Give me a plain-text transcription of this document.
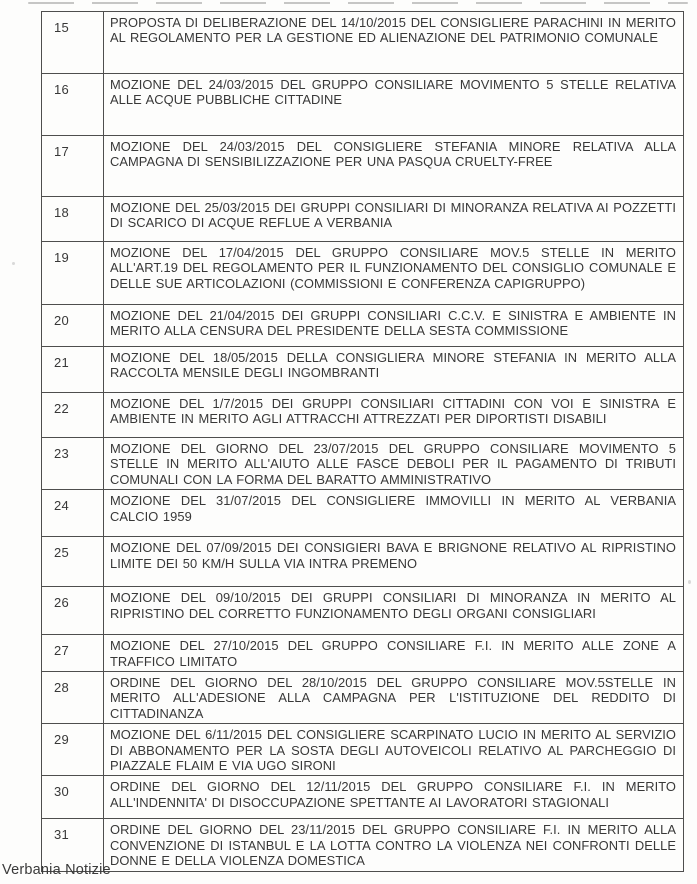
15	PROPOSTA DI DELIBERAZIONE DEL 14/10/2015 DEL CONSIGLIERE PARACHINI IN MERITO AL REGOLAMENTO PER LA GESTIONE ED ALIENAZIONE DEL PATRIMONIO COMUNALE
16	MOZIONE DEL 24/03/2015 DEL GRUPPO CONSILIARE MOVIMENTO 5 STELLE RELATIVA ALLE ACQUE PUBBLICHE CITTADINE
17	MOZIONE DEL 24/03/2015 DEL CONSIGLIERE STEFANIA MINORE RELATIVA ALLA CAMPAGNA DI SENSIBILIZZAZIONE PER UNA PASQUA CRUELTY-FREE
18	MOZIONE DEL 25/03/2015 DEI GRUPPI CONSILIARI DI MINORANZA RELATIVA AI POZZETTI DI SCARICO DI ACQUE REFLUE A VERBANIA
19	MOZIONE DEL 17/04/2015 DEL GRUPPO CONSILIARE MOV.5 STELLE IN MERITO ALL'ART.19 DEL REGOLAMENTO PER IL FUNZIONAMENTO DEL CONSIGLIO COMUNALE E DELLE SUE ARTICOLAZIONI (COMMISSIONI E CONFERENZA CAPIGRUPPO)
20	MOZIONE DEL 21/04/2015 DEI GRUPPI CONSILIARI C.C.V. E SINISTRA E AMBIENTE IN MERITO ALLA CENSURA DEL PRESIDENTE DELLA SESTA COMMISSIONE
21	MOZIONE DEL 18/05/2015 DELLA CONSIGLIERA MINORE STEFANIA IN MERITO ALLA RACCOLTA MENSILE DEGLI INGOMBRANTI
22	MOZIONE DEL 1/7/2015 DEI GRUPPI CONSILIARI CITTADINI CON VOI E SINISTRA E AMBIENTE IN MERITO AGLI ATTRACCHI ATTREZZATI PER DIPORTISTI DISABILI
23	MOZIONE DEL GIORNO DEL 23/07/2015 DEL GRUPPO CONSILIARE MOVIMENTO 5 STELLE IN MERITO ALL'AIUTO ALLE FASCE DEBOLI PER IL PAGAMENTO DI TRIBUTI COMUNALI CON LA FORMA DEL BARATTO AMMINISTRATIVO
24	MOZIONE DEL 31/07/2015 DEL CONSIGLIERE IMMOVILLI IN MERITO AL VERBANIA CALCIO 1959
25	MOZIONE DEL 07/09/2015 DEI CONSIGIERI BAVA E BRIGNONE RELATIVO AL RIPRISTINO LIMITE DEI 50 KM/H SULLA VIA INTRA PREMENO
26	MOZIONE DEL 09/10/2015 DEI GRUPPI CONSILIARI DI MINORANZA IN MERITO AL RIPRISTINO DEL CORRETTO FUNZIONAMENTO DEGLI ORGANI CONSIGLIARI
27	MOZIONE DEL 27/10/2015 DEL GRUPPO CONSILIARE F.I. IN MERITO ALLE ZONE A TRAFFICO LIMITATO
28	ORDINE DEL GIORNO DEL 28/10/2015 DEL GRUPPO CONSILIARE MOV.5STELLE IN MERITO ALL'ADESIONE ALLA CAMPAGNA PER L'ISTITUZIONE DEL REDDITO DI CITTADINANZA
29	MOZIONE DEL 6/11/2015 DEL CONSIGLIERE SCARPINATO LUCIO IN MERITO AL SERVIZIO DI ABBONAMENTO PER LA SOSTA DEGLI AUTOVEICOLI RELATIVO AL PARCHEGGIO DI PIAZZALE FLAIM E VIA UGO SIRONI
30	ORDINE DEL GIORNO DEL 12/11/2015 DEL GRUPPO CONSILIARE F.I. IN MERITO ALL'INDENNITA' DI DISOCCUPAZIONE SPETTANTE AI LAVORATORI STAGIONALI
31	ORDINE DEL GIORNO DEL 23/11/2015 DEL GRUPPO CONSILIARE F.I. IN MERITO ALLA CONVENZIONE DI ISTANBUL E LA LOTTA CONTRO LA VIOLENZA NEI CONFRONTI DELLE DONNE E DELLA VIOLENZA DOMESTICA
Verbania Notizie
